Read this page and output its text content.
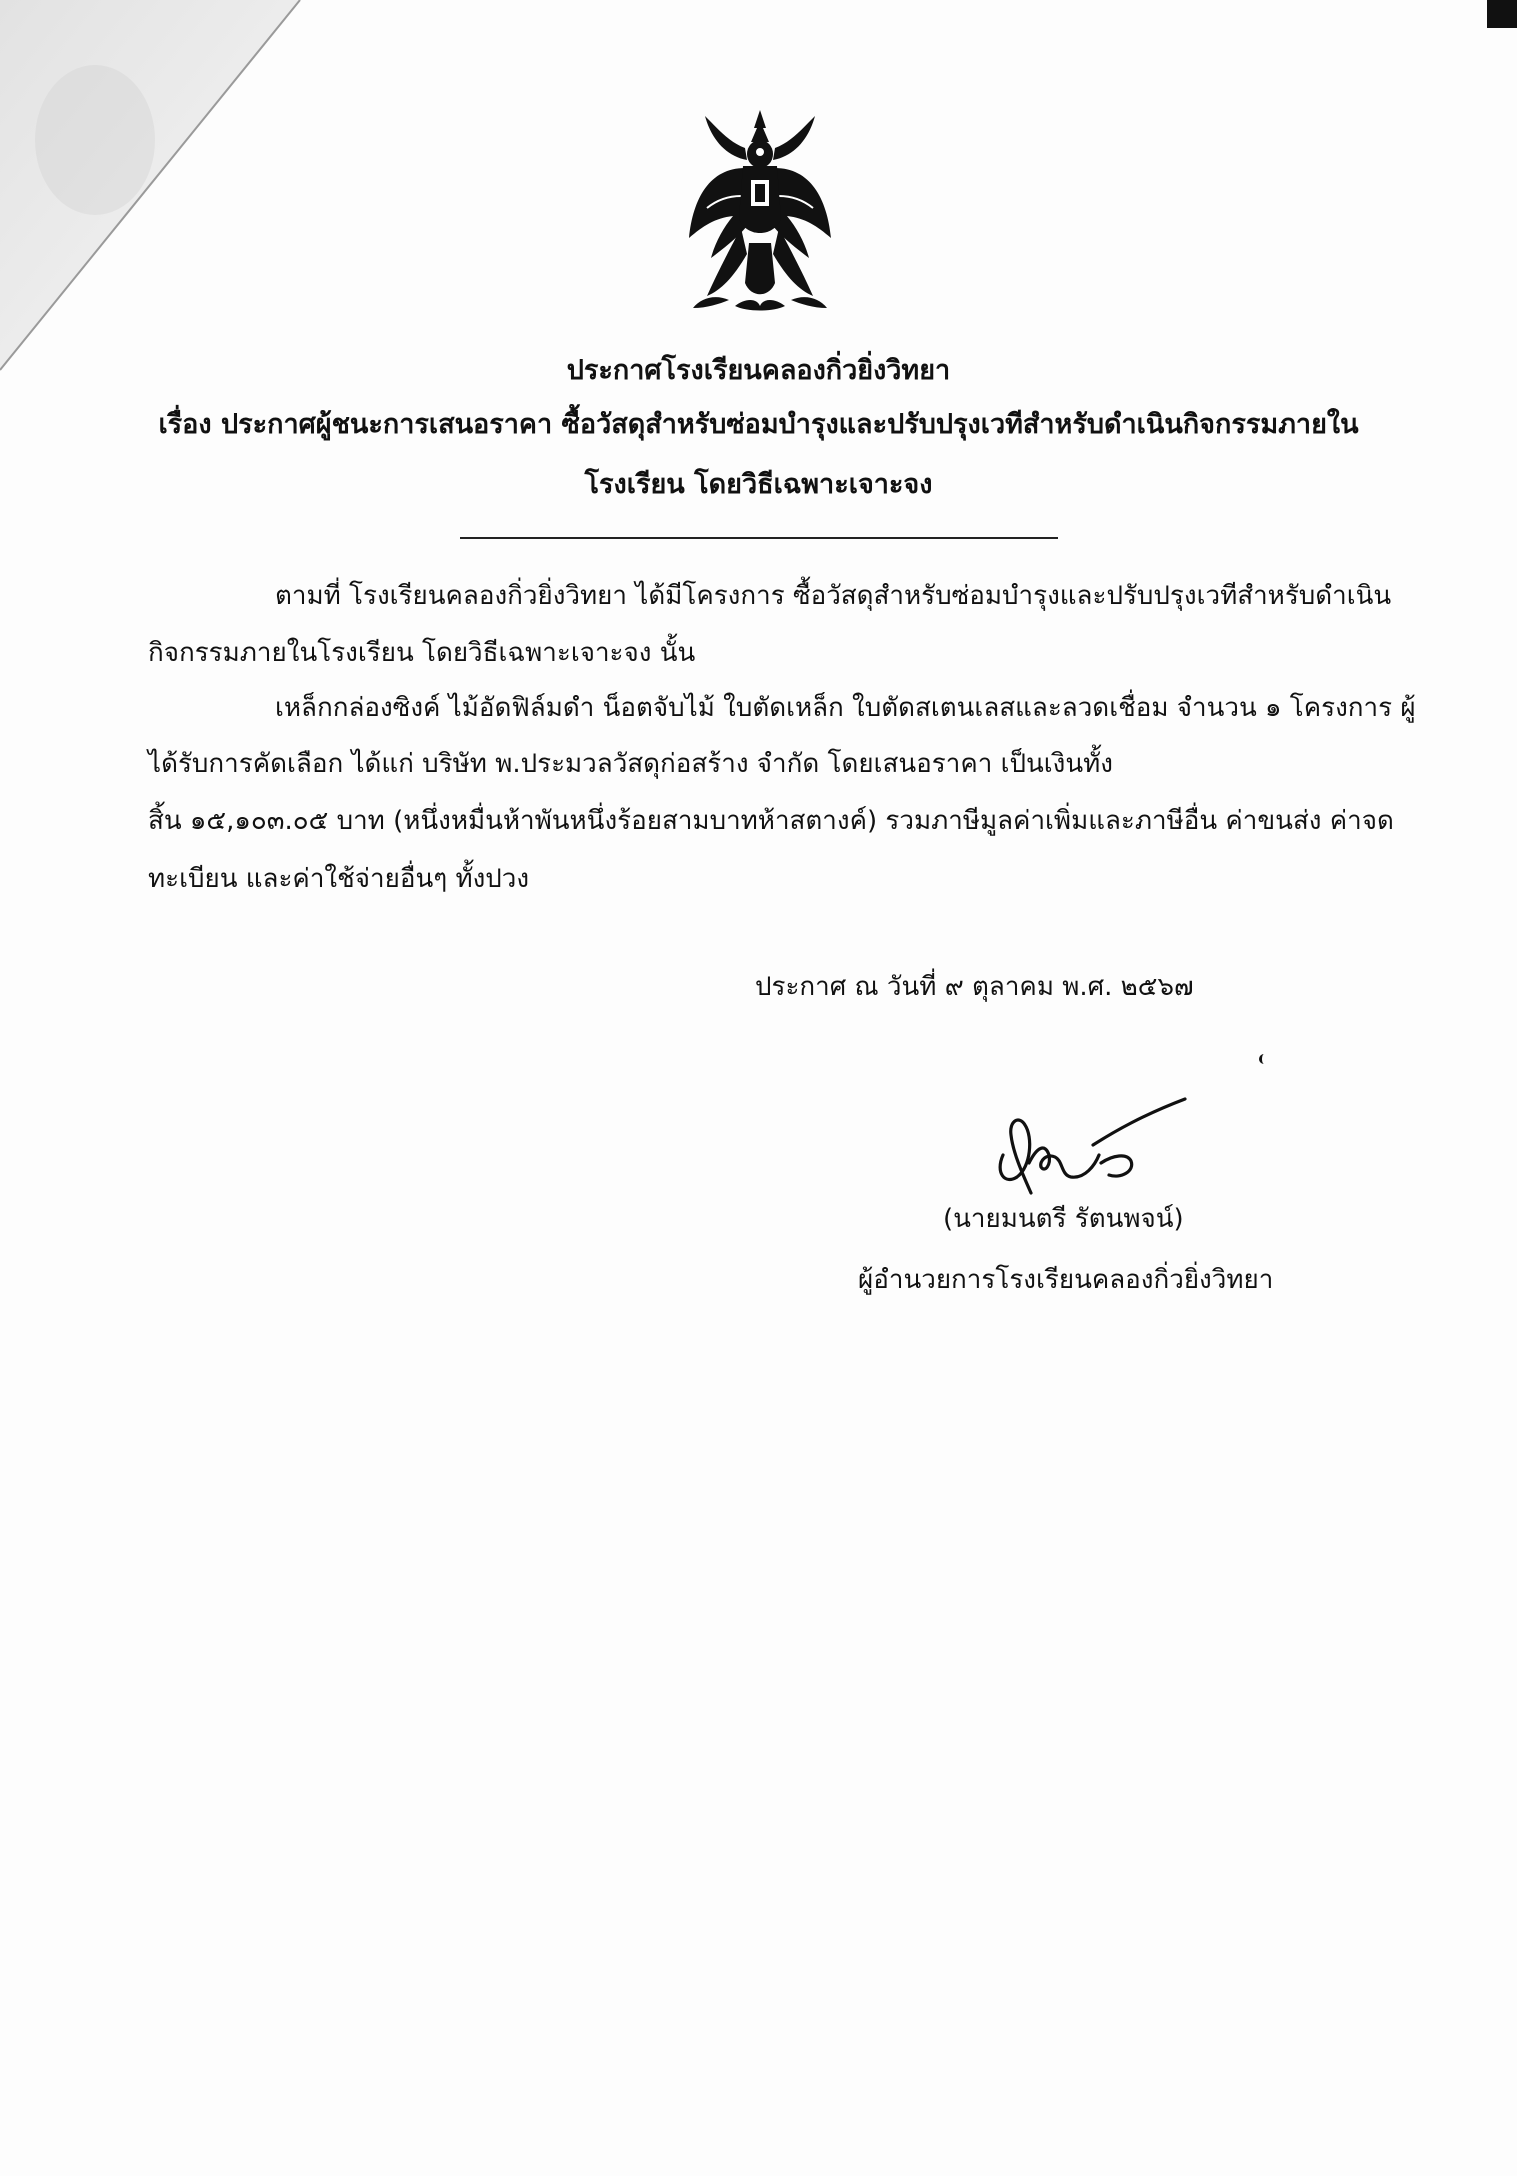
ประกาศโรงเรียนคลองกิ่วยิ่งวิทยา
เรื่อง ประกาศผู้ชนะการเสนอราคา ซื้อวัสดุสำหรับซ่อมบำรุงและปรับปรุงเวทีสำหรับดำเนินกิจกรรมภายใน
โรงเรียน โดยวิธีเฉพาะเจาะจง
ตามที่ โรงเรียนคลองกิ่วยิ่งวิทยา ได้มีโครงการ ซื้อวัสดุสำหรับซ่อมบำรุงและปรับปรุงเวทีสำหรับดำเนิน
กิจกรรมภายในโรงเรียน โดยวิธีเฉพาะเจาะจง นั้น
เหล็กกล่องซิงค์ ไม้อัดฟิล์มดำ น็อตจับไม้ ใบตัดเหล็ก ใบตัดสเตนเลสและลวดเชื่อม จำนวน ๑ โครงการ ผู้
ได้รับการคัดเลือก ได้แก่ บริษัท พ.ประมวลวัสดุก่อสร้าง จำกัด โดยเสนอราคา เป็นเงินทั้ง
สิ้น ๑๕,๑๐๓.๐๕ บาท (หนึ่งหมื่นห้าพันหนึ่งร้อยสามบาทห้าสตางค์) รวมภาษีมูลค่าเพิ่มและภาษีอื่น ค่าขนส่ง ค่าจด
ทะเบียน และค่าใช้จ่ายอื่นๆ ทั้งปวง
ประกาศ ณ วันที่ ๙ ตุลาคม พ.ศ. ๒๕๖๗
(นายมนตรี รัตนพจน์)
ผู้อำนวยการโรงเรียนคลองกิ่วยิ่งวิทยา
